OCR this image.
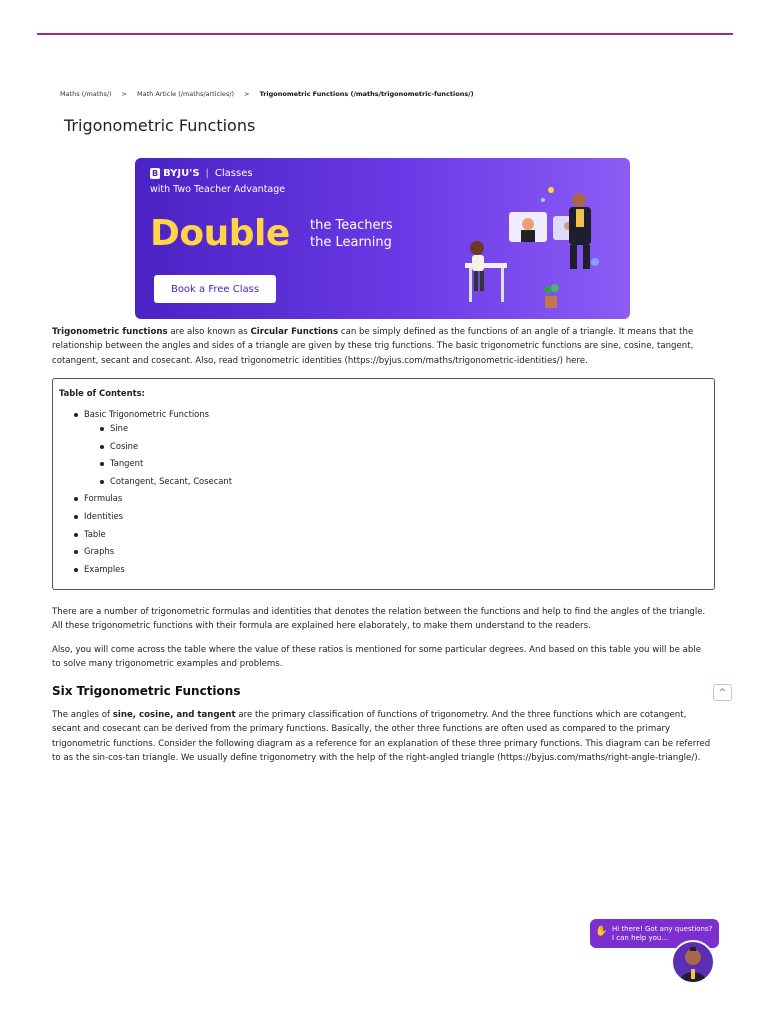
Maths (/maths/) > Math Article (/maths/articles/) > Trigonometric Functions (/maths/trigonometric-functions/)
Trigonometric Functions
B BYJU'S | Classes
with Two Teacher Advantage
Double the Teachers
the Learning
Book a Free Class
Trigonometric functions are also known as Circular Functions can be simply defined as the functions of an angle of a triangle. It means that the relationship between the angles and sides of a triangle are given by these trig functions. The basic trigonometric functions are sine, cosine, tangent, cotangent, secant and cosecant. Also, read trigonometric identities (https://byjus.com/maths/trigonometric-identities/) here.
Table of Contents:
Basic Trigonometric Functions
Sine
Cosine
Tangent
Cotangent, Secant, Cosecant
Formulas
Identities
Table
Graphs
Examples
There are a number of trigonometric formulas and identities that denotes the relation between the functions and help to find the angles of the triangle. All these trigonometric functions with their formula are explained here elaborately, to make them understand to the readers.
Also, you will come across the table where the value of these ratios is mentioned for some particular degrees. And based on this table you will be able to solve many trigonometric examples and problems.
Six Trigonometric Functions	^
The angles of sine, cosine, and tangent are the primary classification of functions of trigonometry. And the three functions which are cotangent, secant and cosecant can be derived from the primary functions. Basically, the other three functions are often used as compared to the primary trigonometric functions. Consider the following diagram as a reference for an explanation of these three primary functions. This diagram can be referred to as the sin-cos-tan triangle. We usually define trigonometry with the help of the right-angled triangle (https://byjus.com/maths/right-angle-triangle/).
✋ Hi there! Got any questions?
I can help you...
